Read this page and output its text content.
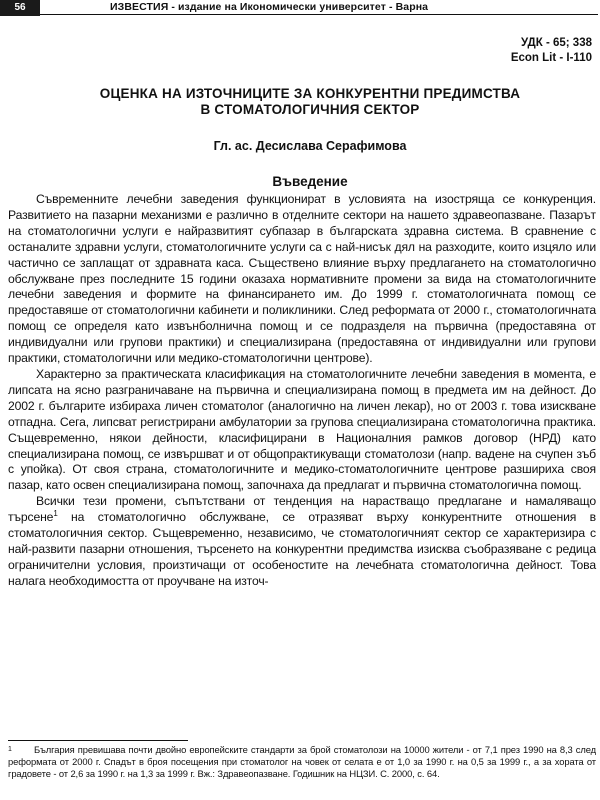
56	ИЗВЕСТИЯ - издание на Икономически университет - Варна
УДК - 65; 338
Econ Lit - I-110
ОЦЕНКА НА ИЗТОЧНИЦИТЕ ЗА КОНКУРЕНТНИ ПРЕДИМСТВА
В СТОМАТОЛОГИЧНИЯ СЕКТОР
Гл. ас. Десислава Серафимова
Въведение

Съвременните лечебни заведения функционират в условията на изостряща се конкуренция. Развитието на пазарни механизми е различно в отделните сектори на нашето здравеопазване. Пазарът на стоматологични услуги е найразвитият субпазар в българската здравна система. В сравнение с останалите здравни услуги, стоматологичните услуги са с най-нисък дял на разходите, които изцяло или частично се заплащат от здравната каса. Съществено влияние върху предлагането на стоматологично обслужване през последните 15 години оказаха нормативните промени за вида на стоматологичните лечебни заведения и формите на финансирането им. До 1999 г. стоматологичната помощ се предоставяше от стоматологични кабинети и поликлиники. След реформата от 2000 г., стоматологичната помощ се определя като извънболнична помощ и се подразделя на първична (предоставяна от индивидуални или групови практики) и специализирана (предоставяна от индивидуални или групови практики, стоматологични или медико-стоматологични центрове).

Характерно за практическата класификация на стоматологичните лечебни заведения в момента, е липсата на ясно разграничаване на първична и специализирана помощ в предмета им на дейност. До 2002 г. българите избираха личен стоматолог (аналогично на личен лекар), но от 2003 г. това изискване отпадна. Сега, липсват регистрирани амбулатории за групова специализирана стоматологична практика. Същевременно, някои дейности, класифицирани в Националния рамков договор (НРД) като специализирана помощ, се извършват и от общопрактикуващи стоматолози (напр. вадене на счупен зъб с упойка). От своя страна, стоматологичните и медико-стоматологичните центрове разшириха своя пазар, като освен специализирана помощ, започнаха да предлагат и първична стоматологична помощ.

Всички тези промени, съпътствани от тенденция на нарастващо предлагане и намаляващо търсене$^1$ на стоматологично обслужване, се отразяват върху конкурентните отношения в стоматологичния сектор. Същевременно, независимо, че стоматологичният сектор се характеризира с най-развити пазарни отношения, търсенето на конкурентни предимства изисква съобразяване с редица ограничителни условия, произтичащи от особеностите на лечебната стоматологична дейност. Това налага необходимостта от проучване на източ-

1 България превишава почти двойно европейските стандарти за брой стоматолози на 10000 жители - от 7,1 през 1990 на 8,3 след реформата от 2000 г. Спадът в броя посещения при стоматолог на човек от селата е от 1,0 за 1990 г. на 0,5 за 1999 г., а за хората от градовете - от 2,6 за 1990 г. на 1,3 за 1999 г. Вж.: Здравеопазване. Годишник на НЦЗИ. С. 2000, с. 64.
